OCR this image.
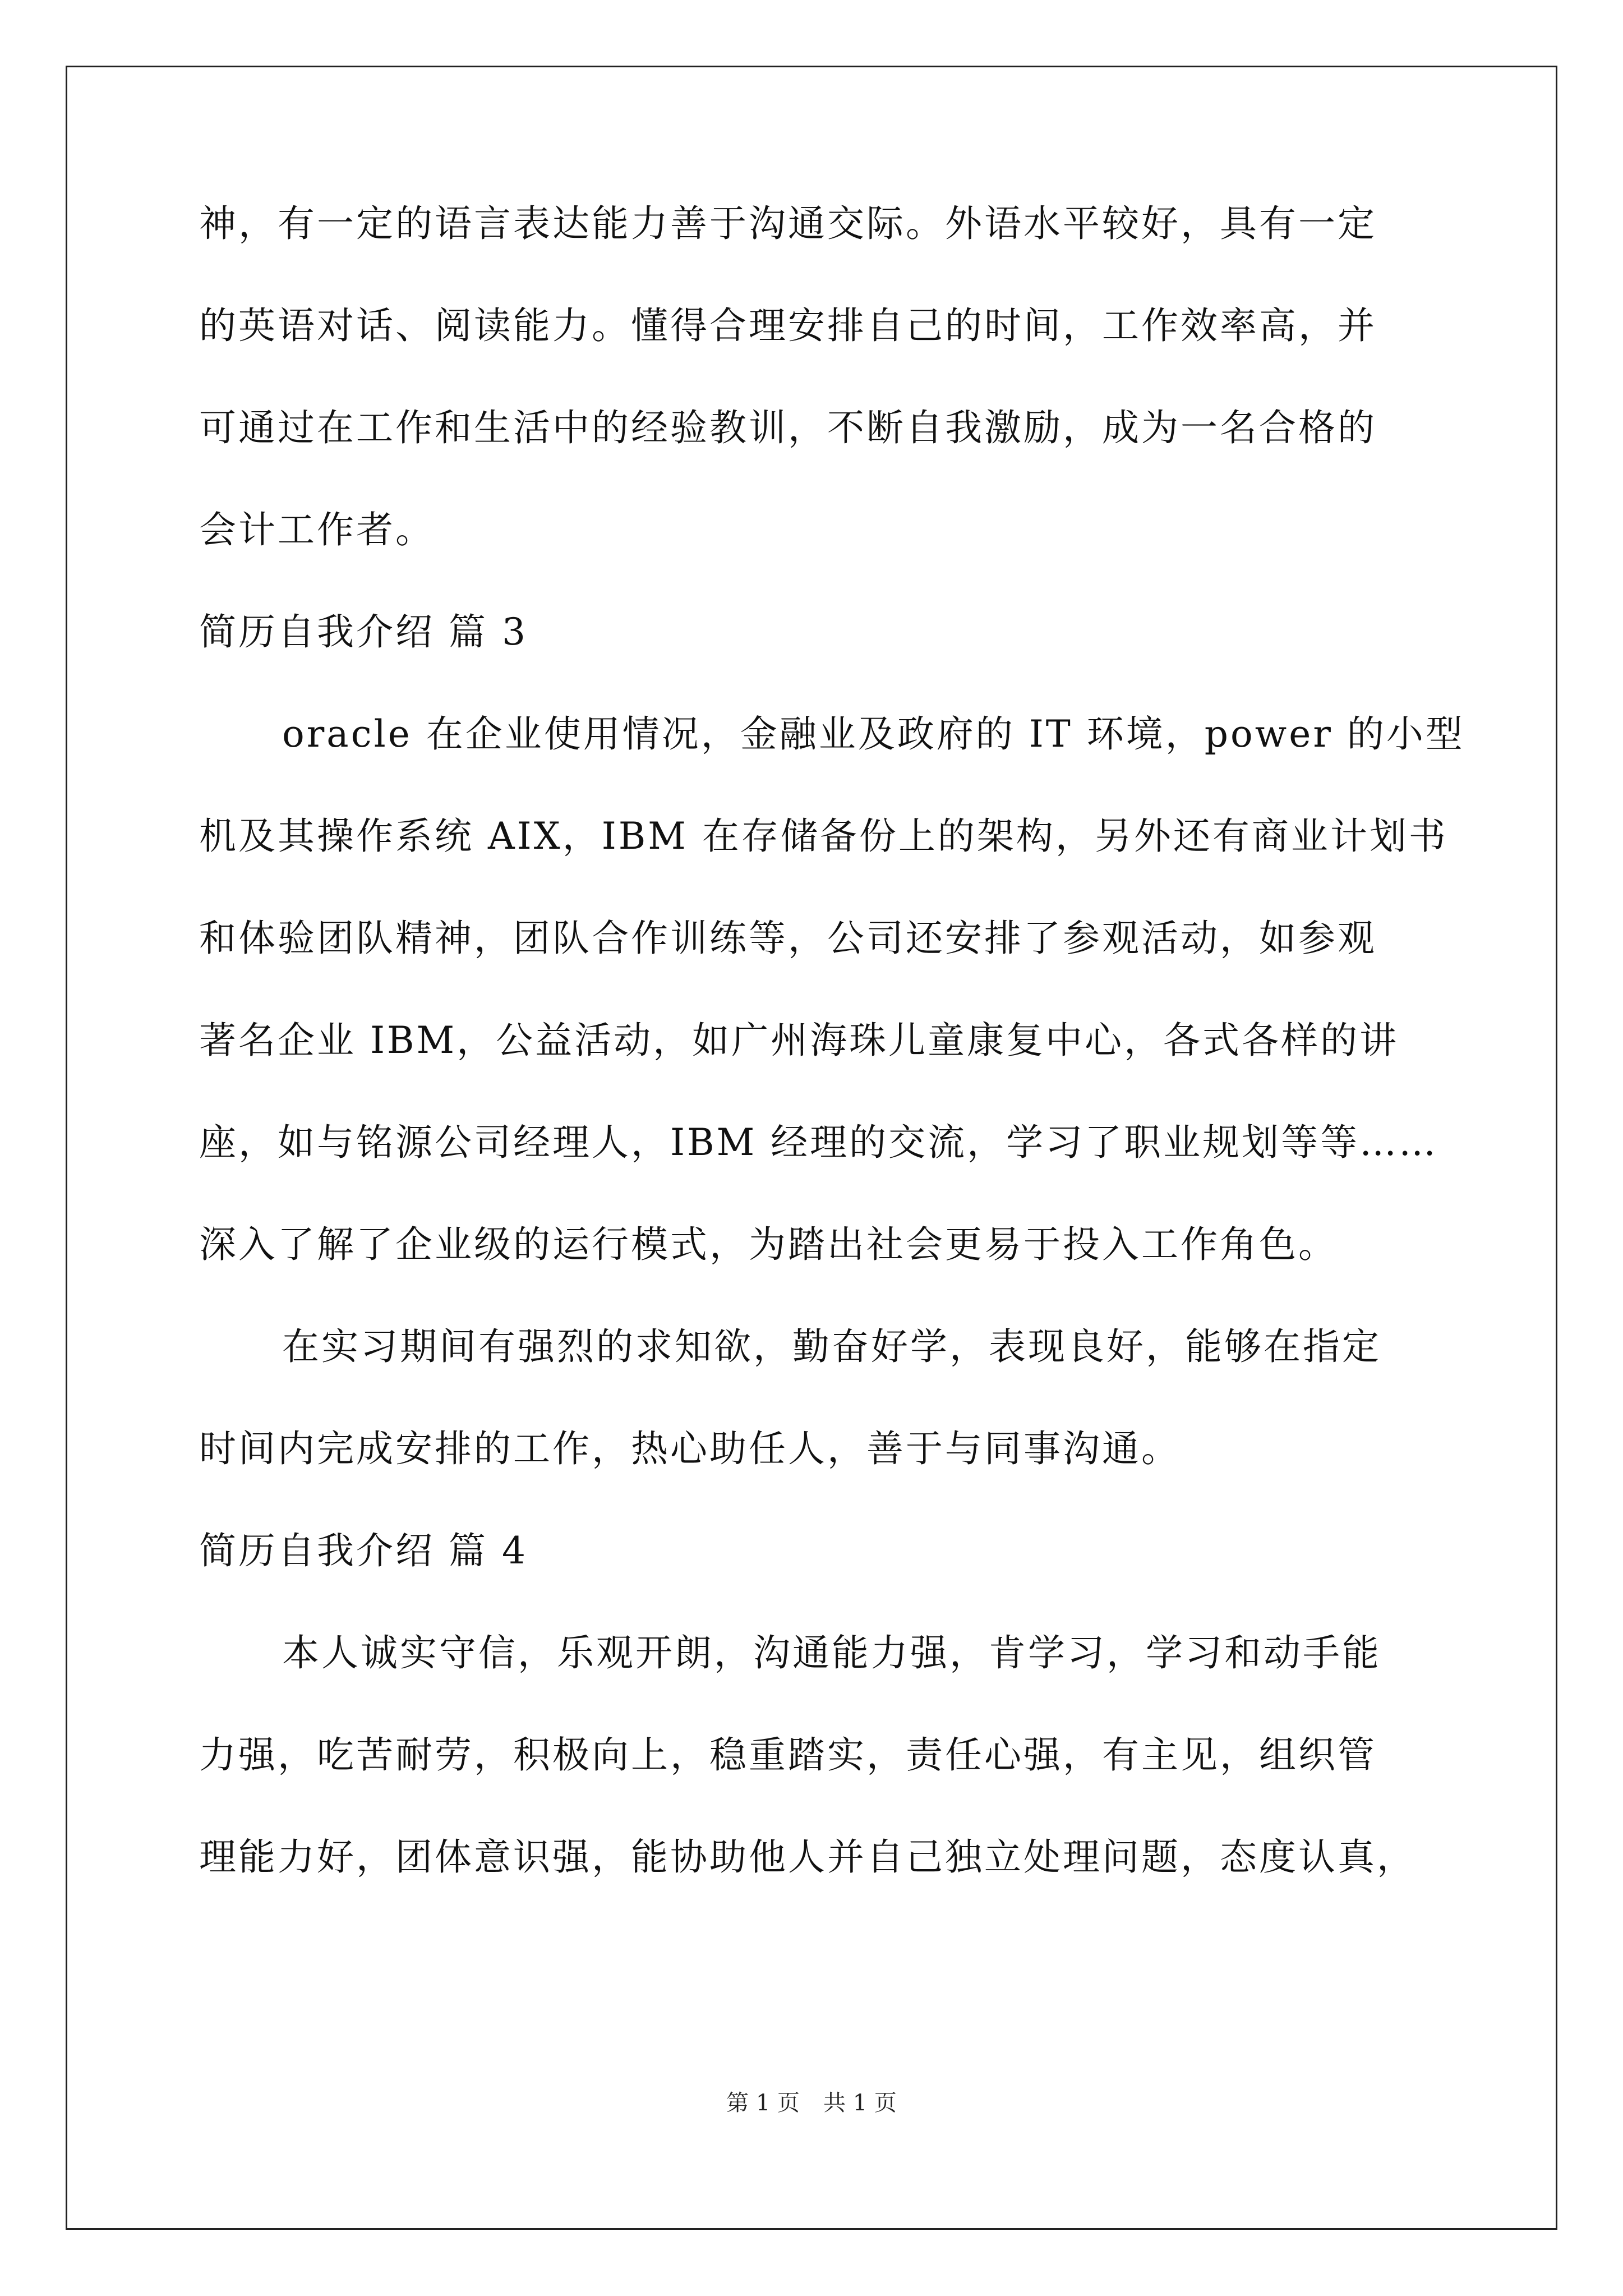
神，有一定的语言表达能力善于沟通交际。外语水平较好，具有一定
的英语对话、阅读能力。懂得合理安排自己的时间，工作效率高，并
可通过在工作和生活中的经验教训，不断自我激励，成为一名合格的
会计工作者。
简历自我介绍 篇 3
oracle 在企业使用情况，金融业及政府的 IT 环境，power 的小型
机及其操作系统 AIX，IBM 在存储备份上的架构，另外还有商业计划书
和体验团队精神，团队合作训练等，公司还安排了参观活动，如参观
著名企业 IBM，公益活动，如广州海珠儿童康复中心，各式各样的讲
座，如与铭源公司经理人，IBM 经理的交流，学习了职业规划等等……
深入了解了企业级的运行模式，为踏出社会更易于投入工作角色。
在实习期间有强烈的求知欲，勤奋好学，表现良好，能够在指定
时间内完成安排的工作，热心助任人，善于与同事沟通。
简历自我介绍 篇 4
本人诚实守信，乐观开朗，沟通能力强，肯学习，学习和动手能
力强，吃苦耐劳，积极向上，稳重踏实，责任心强，有主见，组织管
理能力好，团体意识强，能协助他人并自己独立处理问题，态度认真，
第 1 页 共 1 页
